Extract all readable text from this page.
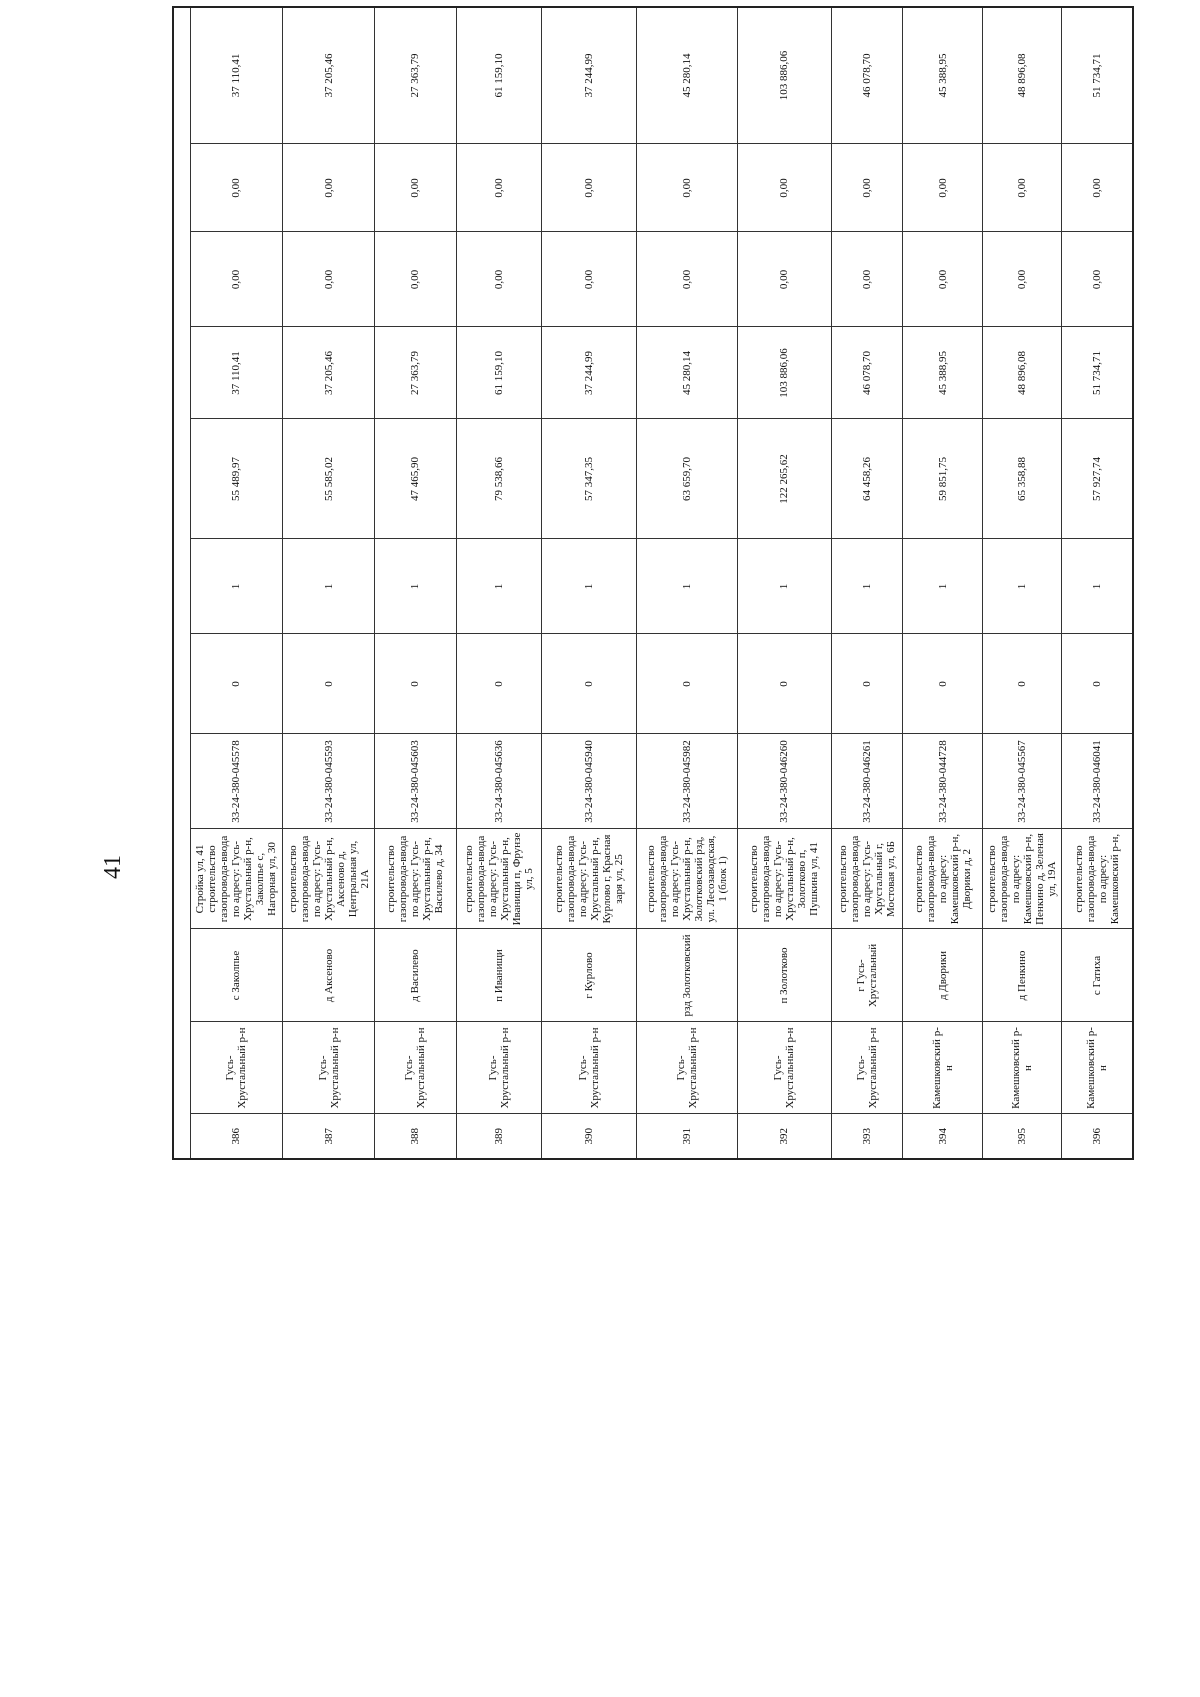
41

386	Гусь-Хрустальный р-н	с Заколпье	Стройка ул, 41 строительство газопровода-ввода по адресу: Гусь-Хрустальный р-н, Заколпье с, Нагорная ул, 30	33-24-380-045578	0	1	55 489,97	37 110,41	0,00	0,00	37 110,41	
387	Гусь-Хрустальный р-н	д Аксеново	строительство газопровода-ввода по адресу: Гусь-Хрустальный р-н, Аксеново д, Центральная ул, 21А	33-24-380-045593	0	1	55 585,02	37 205,46	0,00	0,00	37 205,46	
388	Гусь-Хрустальный р-н	д Василево	строительство газопровода-ввода по адресу: Гусь-Хрустальный р-н, Василево д, 34	33-24-380-045603	0	1	47 465,90	27 363,79	0,00	0,00	27 363,79	
389	Гусь-Хрустальный р-н	п Иванищи	строительство газопровода-ввода по адресу: Гусь-Хрустальный р-н, Иванищи п, Фрунзе ул, 5	33-24-380-045636	0	1	79 538,66	61 159,10	0,00	0,00	61 159,10	
390	Гусь-Хрустальный р-н	г Курлово	строительство газопровода-ввода по адресу: Гусь-Хрустальный р-н, Курлово г, Красная заря ул, 25	33-24-380-045940	0	1	57 347,35	37 244,99	0,00	0,00	37 244,99	
391	Гусь-Хрустальный р-н	рзд Золотковский	строительство газопровода-ввода по адресу: Гусь-Хрустальный р-н, Золотковский рзд, ул. Лесозаводская, 1 (блок 1)	33-24-380-045982	0	1	63 659,70	45 280,14	0,00	0,00	45 280,14	
392	Гусь-Хрустальный р-н	п Золотково	строительство газопровода-ввода по адресу: Гусь-Хрустальный р-н, Золотково п, Пушкина ул, 41	33-24-380-046260	0	1	122 265,62	103 886,06	0,00	0,00	103 886,06	
393	Гусь-Хрустальный р-н	г Гусь-Хрустальный	строительство газопровода-ввода по адресу: Гусь-Хрустальный г, Мостовая ул, 6Б	33-24-380-046261	0	1	64 458,26	46 078,70	0,00	0,00	46 078,70	
394	Камешковский р-н	д Дворики	строительство газопровода-ввода по адресу: Камешковский р-н, Дворики д, 2	33-24-380-044728	0	1	59 851,75	45 388,95	0,00	0,00	45 388,95	
395	Камешковский р-н	д Пенкино	строительство газопровода-ввода по адресу: Камешковский р-н, Пенкино д, Зеленая ул, 19А	33-24-380-045567	0	1	65 358,88	48 896,08	0,00	0,00	48 896,08	
396	Камешковский р-н	с Гатиха	строительство газопровода-ввода по адресу: Камешковский р-н,	33-24-380-046041	0	1	57 927,74	51 734,71	0,00	0,00	51 734,71	
